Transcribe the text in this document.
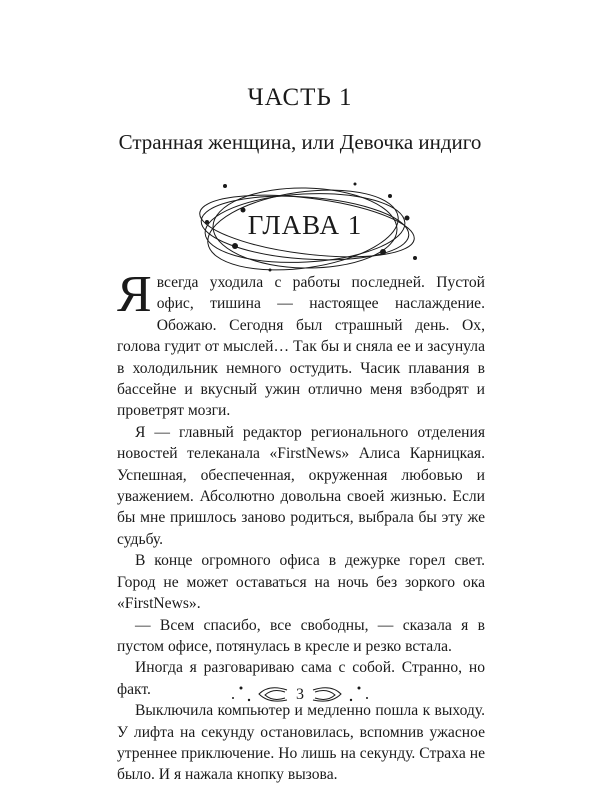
ЧАСТЬ 1
Странная женщина, или Девочка индиго
ГЛАВА 1

Я всегда уходила с работы последней. Пустой офис, тишина — настоящее наслаждение. Обожаю. Сегодня был страшный день. Ох, голова гудит от мыслей… Так бы и сняла ее и засунула в холодильник немного остудить. Часик плавания в бассейне и вкусный ужин отлично меня взбодрят и проветрят мозги.

Я — главный редактор регионального отделения новостей телеканала «FirstNews» Алиса Карницкая. Успешная, обеспеченная, окруженная любовью и уважением. Абсолютно довольна своей жизнью. Если бы мне пришлось заново родиться, выбрала бы эту же судьбу.

В конце огромного офиса в дежурке горел свет. Город не может оставаться на ночь без зоркого ока «FirstNews».

— Всем спасибо, все свободны, — сказала я в пустом офисе, потянулась в кресле и резко встала.

Иногда я разговариваю сама с собой. Странно, но факт.

Выключила компьютер и медленно пошла к выходу. У лифта на секунду остановилась, вспомнив ужасное утреннее приключение. Но лишь на секунду. Страха не было. И я нажала кнопку вызова.

3
